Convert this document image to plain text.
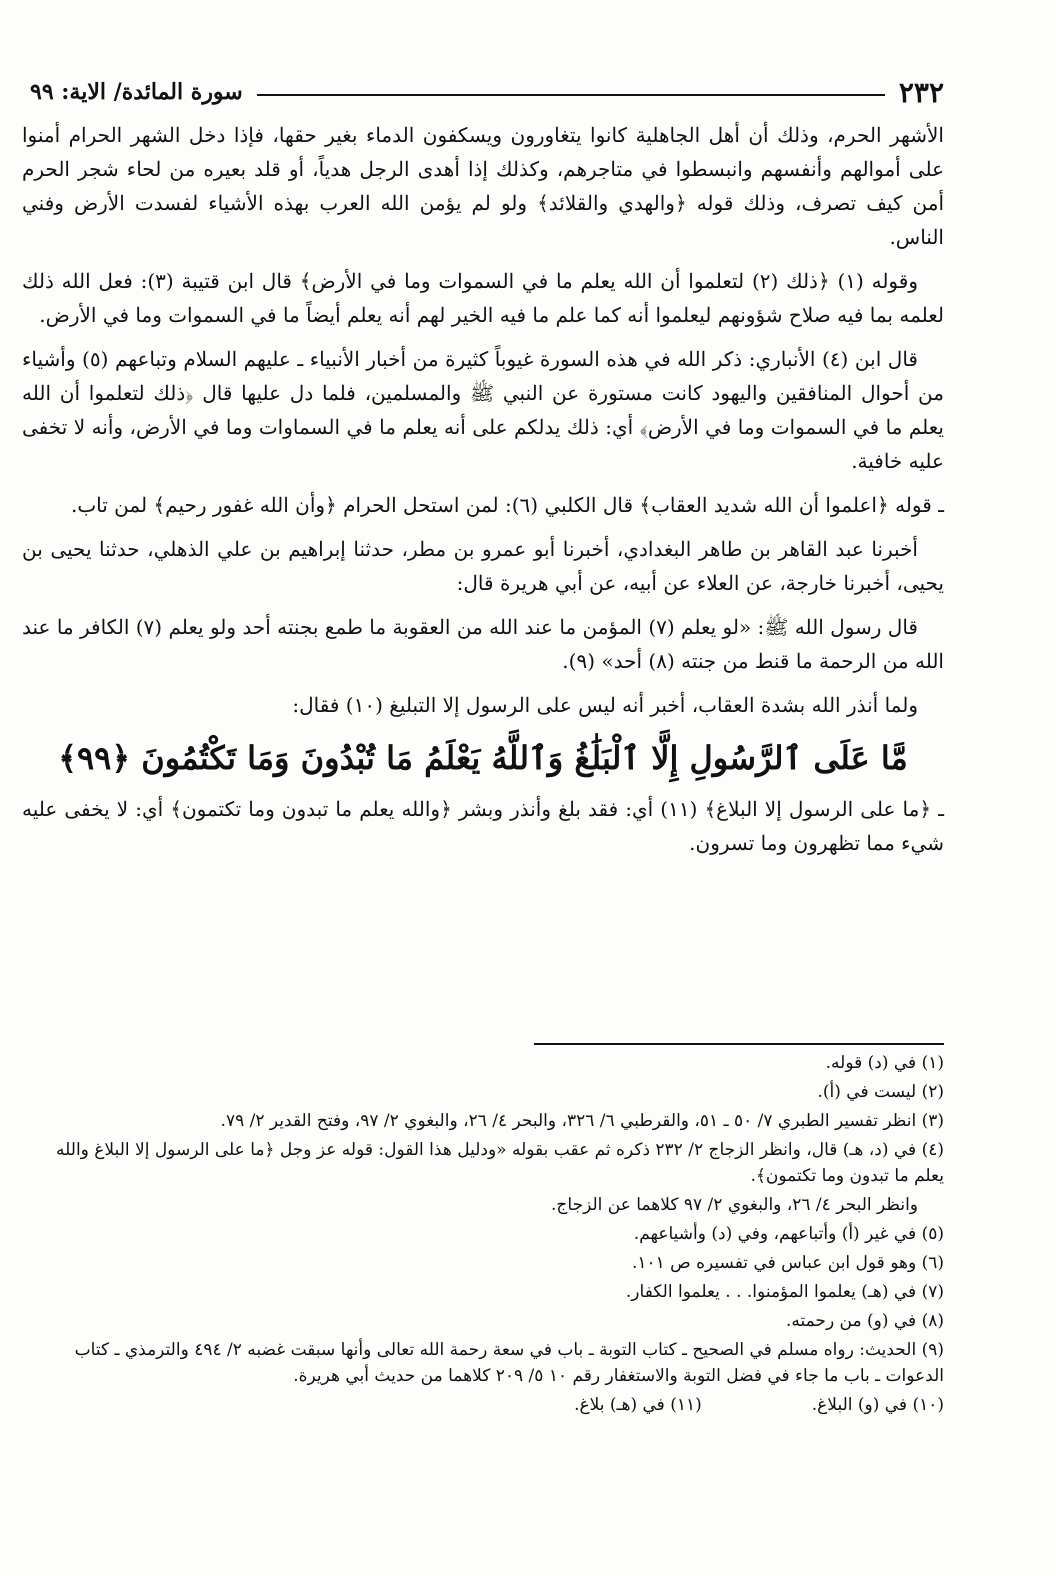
٢٣٢
سورة المائدة/ الاية: ٩٩

الأشهر الحرم، وذلك أن أهل الجاهلية كانوا يتغاورون ويسكفون الدماء بغير حقها، فإذا دخل الشهر الحرام أمنوا على أموالهم وأنفسهم وانبسطوا في متاجرهم، وكذلك إذا أهدى الرجل هدياً، أو قلد بعيره من لحاء شجر الحرم أمن كيف تصرف، وذلك قوله ﴿والهدي والقلائد﴾ ولو لم يؤمن الله العرب بهذه الأشياء لفسدت الأرض وفني الناس.

وقوله (١) ﴿ذلك (٢) لتعلموا أن الله يعلم ما في السموات وما في الأرض﴾ قال ابن قتيبة (٣): فعل الله ذلك لعلمه بما فيه صلاح شؤونهم ليعلموا أنه كما علم ما فيه الخير لهم أنه يعلم أيضاً ما في السموات وما في الأرض.

قال ابن (٤) الأنباري: ذكر الله في هذه السورة غيوباً كثيرة من أخبار الأنبياء ـ عليهم السلام وتباعهم (٥) وأشياء من أحوال المنافقين واليهود كانت مستورة عن النبي ﷺ والمسلمين، فلما دل عليها قال ﴿ذلك لتعلموا أن الله يعلم ما في السموات وما في الأرض﴾ أي: ذلك يدلكم على أنه يعلم ما في السماوات وما في الأرض، وأنه لا تخفى عليه خافية.

ـ قوله ﴿اعلموا أن الله شديد العقاب﴾ قال الكلبي (٦): لمن استحل الحرام ﴿وأن الله غفور رحيم﴾ لمن تاب.

أخبرنا عبد القاهر بن طاهر البغدادي، أخبرنا أبو عمرو بن مطر، حدثنا إبراهيم بن علي الذهلي، حدثنا يحيى بن يحيى، أخبرنا خارجة، عن العلاء عن أبيه، عن أبي هريرة قال:

قال رسول الله ﷺ: «لو يعلم (٧) المؤمن ما عند الله من العقوبة ما طمع بجنته أحد ولو يعلم (٧) الكافر ما عند الله من الرحمة ما قنط من جنته (٨) أحد» (٩).

ولما أنذر الله بشدة العقاب، أخبر أنه ليس على الرسول إلا التبليغ (١٠) فقال:

مَّا عَلَى ٱلرَّسُولِ إِلَّا ٱلْبَلَٰغُ وَٱللَّهُ يَعْلَمُ مَا تُبْدُونَ وَمَا تَكْتُمُونَ ﴿٩٩﴾

ـ ﴿ما على الرسول إلا البلاغ﴾ (١١) أي: فقد بلغ وأنذر وبشر ﴿والله يعلم ما تبدون وما تكتمون﴾ أي: لا يخفى عليه شيء مما تظهرون وما تسرون.

(١) في (د) قوله.
(٢) ليست في (أ).
(٣) انظر تفسير الطبري ٧/ ٥٠ ـ ٥١، والقرطبي ٦/ ٣٢٦، والبحر ٤/ ٢٦، والبغوي ٢/ ٩٧، وفتح القدير ٢/ ٧٩.
(٤) في (د، هـ) قال، وانظر الزجاج ٢/ ٢٣٢ ذكره ثم عقب بقوله «ودليل هذا القول: قوله عز وجل ﴿ما على الرسول إلا البلاغ والله يعلم ما تبدون وما تكتمون﴾.
وانظر البحر ٤/ ٢٦، والبغوي ٢/ ٩٧ كلاهما عن الزجاج.
(٥) في غير (أ) وأتباعهم، وفي (د) وأشياعهم.
(٦) وهو قول ابن عباس في تفسيره ص ١٠١.
(٧) في (هـ) يعلموا المؤمنوا. . . يعلموا الكفار.
(٨) في (و) من رحمته.
(٩) الحديث: رواه مسلم في الصحيح ـ كتاب التوبة ـ باب في سعة رحمة الله تعالى وأنها سبقت غضبه ٢/ ٤٩٤ والترمذي ـ كتاب الدعوات ـ باب ما جاء في فضل التوبة والاستغفار رقم ١٠ ٥/ ٢٠٩ كلاهما من حديث أبي هريرة.
(١٠) في (و) البلاغ.
(١١) في (هـ) بلاغ.
